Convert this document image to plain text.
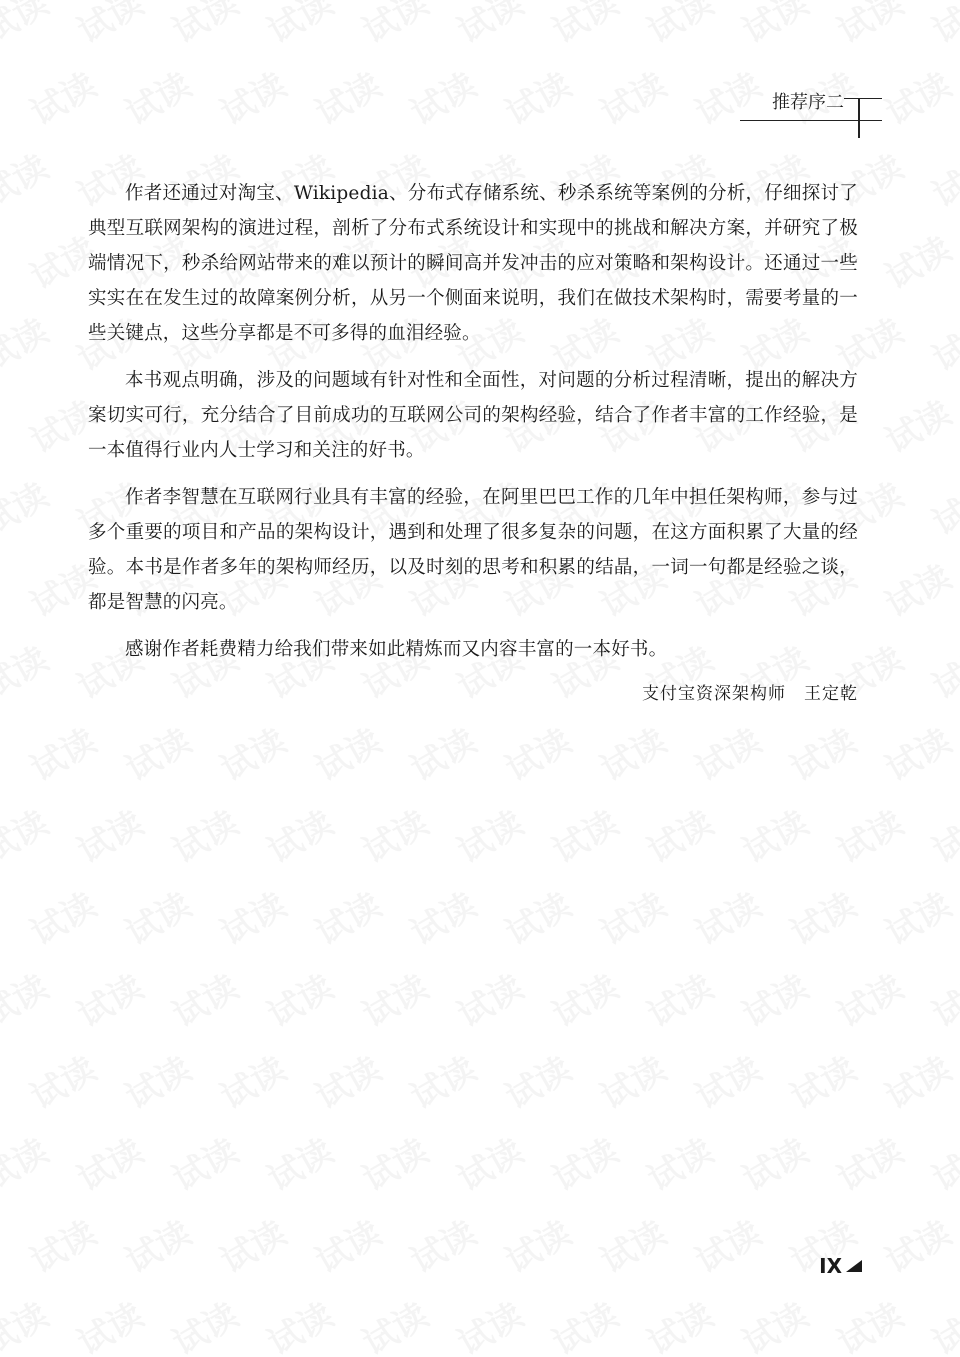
推荐序二

作者还通过对淘宝、Wikipedia、分布式存储系统、秒杀系统等案例的分析，仔细探讨了典型互联网架构的演进过程，剖析了分布式系统设计和实现中的挑战和解决方案，并研究了极端情况下，秒杀给网站带来的难以预计的瞬间高并发冲击的应对策略和架构设计。还通过一些实实在在发生过的故障案例分析，从另一个侧面来说明，我们在做技术架构时，需要考量的一些关键点，这些分享都是不可多得的血泪经验。

本书观点明确，涉及的问题域有针对性和全面性，对问题的分析过程清晰，提出的解决方案切实可行，充分结合了目前成功的互联网公司的架构经验，结合了作者丰富的工作经验，是一本值得行业内人士学习和关注的好书。

作者李智慧在互联网行业具有丰富的经验，在阿里巴巴工作的几年中担任架构师，参与过多个重要的项目和产品的架构设计，遇到和处理了很多复杂的问题，在这方面积累了大量的经验。本书是作者多年的架构师经历，以及时刻的思考和积累的结晶，一词一句都是经验之谈，都是智慧的闪亮。

感谢作者耗费精力给我们带来如此精炼而又内容丰富的一本好书。

支付宝资深架构师　王定乾
IX
